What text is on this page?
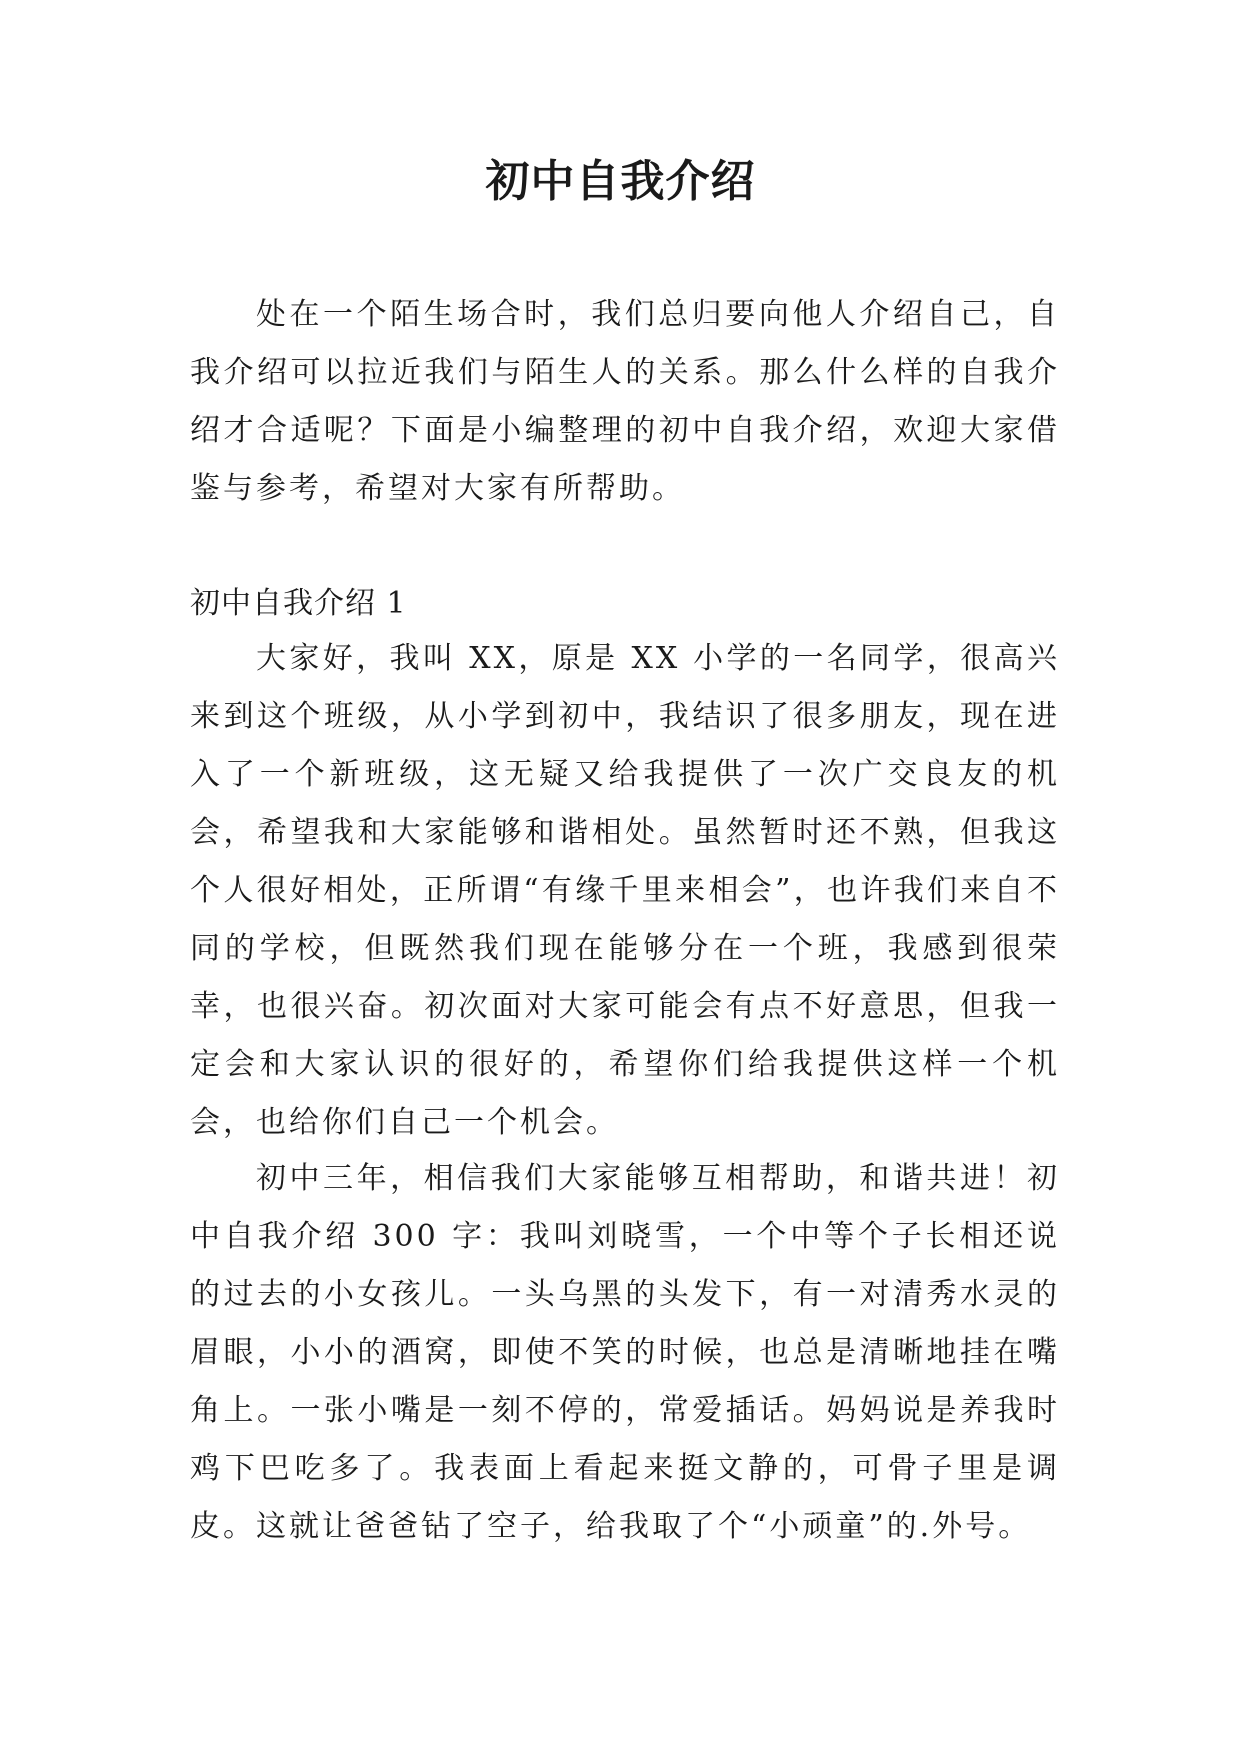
初中自我介绍

处在一个陌生场合时，我们总归要向他人介绍自己，自我介绍可以拉近我们与陌生人的关系。那么什么样的自我介绍才合适呢？下面是小编整理的初中自我介绍，欢迎大家借鉴与参考，希望对大家有所帮助。

初中自我介绍 1

大家好，我叫 XX，原是 XX 小学的一名同学，很高兴来到这个班级，从小学到初中，我结识了很多朋友，现在进入了一个新班级，这无疑又给我提供了一次广交良友的机会，希望我和大家能够和谐相处。虽然暂时还不熟，但我这个人很好相处，正所谓“有缘千里来相会”，也许我们来自不同的学校，但既然我们现在能够分在一个班，我感到很荣幸，也很兴奋。初次面对大家可能会有点不好意思，但我一定会和大家认识的很好的，希望你们给我提供这样一个机会，也给你们自己一个机会。

初中三年，相信我们大家能够互相帮助，和谐共进！初中自我介绍 300 字：我叫刘晓雪，一个中等个子长相还说的过去的小女孩儿。一头乌黑的头发下，有一对清秀水灵的眉眼，小小的酒窝，即使不笑的时候，也总是清晰地挂在嘴角上。一张小嘴是一刻不停的，常爱插话。妈妈说是养我时鸡下巴吃多了。我表面上看起来挺文静的，可骨子里是调皮。这就让爸爸钻了空子，给我取了个“小顽童”的.外号。
